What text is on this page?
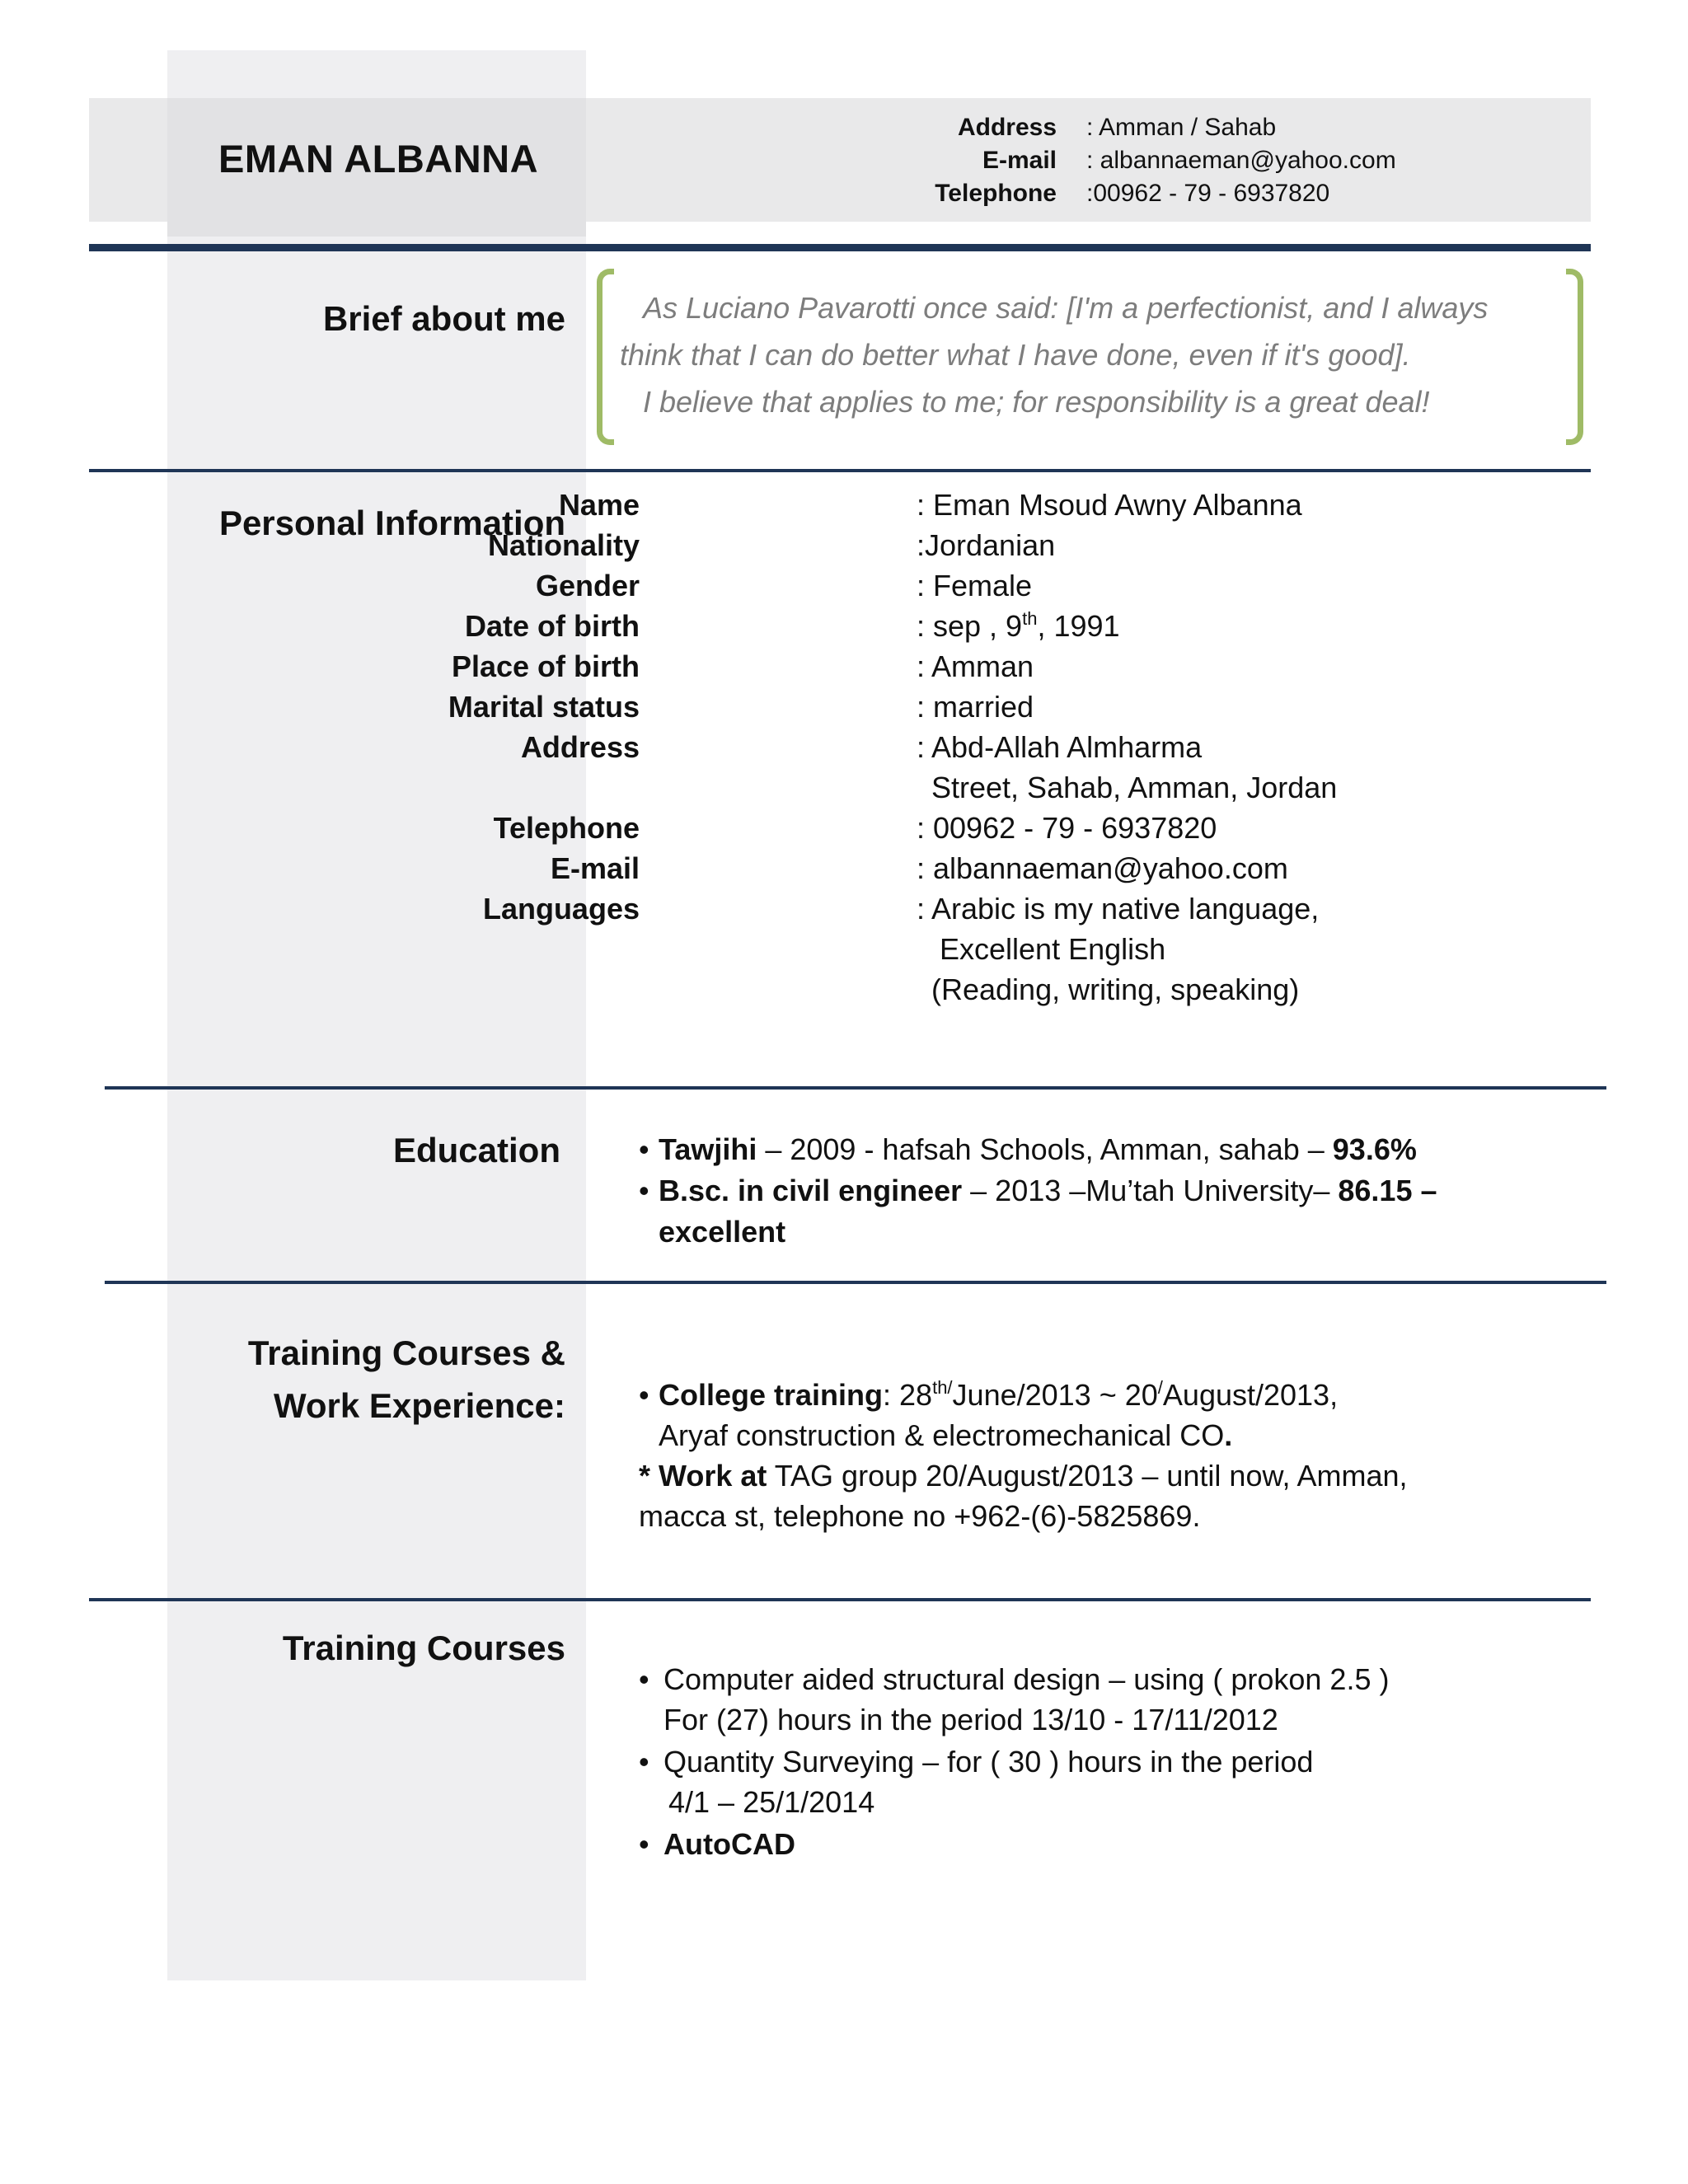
EMAN ALBANNA
Address : Amman / Sahab
E-mail : albannaeman@yahoo.com
Telephone :00962 - 79 - 6937820
Brief about me	As Luciano Pavarotti once said: [I'm a perfectionist, and I always
think that I can do better what I have done, even if it's good].
I believe that applies to me; for responsibility is a great deal!
Personal Information
Name	: Eman Msoud Awny Albanna
Nationality	:Jordanian
Gender	: Female
Date of birth	: sep , 9th, 1991
Place of birth	: Amman
Marital status	: married
Address	: Abd-Allah Almharma
Street, Sahab, Amman, Jordan
Telephone	: 00962 - 79 - 6937820
E-mail	: albannaeman@yahoo.com
Languages	: Arabic is my native language,
Excellent English
(Reading, writing, speaking)
Education	• Tawjihi – 2009 - hafsah Schools, Amman, sahab – 93.6%
• B.sc. in civil engineer – 2013 –Mu’tah University– 86.15 –
excellent
Training Courses &
Work Experience: • College training: $28^{th/}June/2013$ ~ 20/August/2013,
Aryaf construction & electromechanical CO.
* Work at TAG group 20/August/2013 – until now, Amman,
macca st, telephone no +962-(6)-5825869.
Training Courses
• Computer aided structural design – using ( prokon 2.5 )
For (27) hours in the period 13/10 - 17/11/2012
• Quantity Surveying – for ( 30 ) hours in the period
4/1 – 25/1/2014
• AutoCAD
